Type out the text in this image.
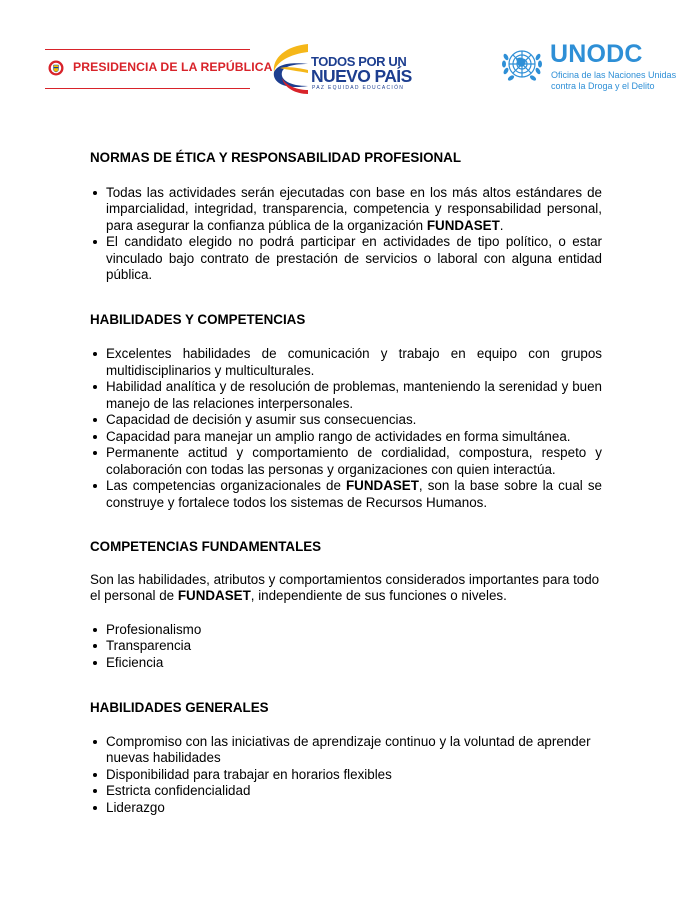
PRESIDENCIA DE LA REPÚBLICA	TODOS POR UN
NUEVO PAÍS
PAZ EQUIDAD EDUCACIÓN
UNODC
Oficina de las Naciones Unidas
contra la Droga y el Delito
NORMAS DE ÉTICA Y RESPONSABILIDAD PROFESIONAL
Todas las actividades serán ejecutadas con base en los más altos estándares de imparcialidad, integridad, transparencia, competencia y responsabilidad personal, para asegurar la confianza pública de la organización FUNDASET.
El candidato elegido no podrá participar en actividades de tipo político, o estar vinculado bajo contrato de prestación de servicios o laboral con alguna entidad pública.
HABILIDADES Y COMPETENCIAS
Excelentes habilidades de comunicación y trabajo en equipo con grupos multidisciplinarios y multiculturales.
Habilidad analítica y de resolución de problemas, manteniendo la serenidad y buen manejo de las relaciones interpersonales.
Capacidad de decisión y asumir sus consecuencias.
Capacidad para manejar un amplio rango de actividades en forma simultánea.
Permanente actitud y comportamiento de cordialidad, compostura, respeto y colaboración con todas las personas y organizaciones con quien interactúa.
Las competencias organizacionales de FUNDASET, son la base sobre la cual se construye y fortalece todos los sistemas de Recursos Humanos.
COMPETENCIAS FUNDAMENTALES

Son las habilidades, atributos y comportamientos considerados importantes para todo el personal de FUNDASET, independiente de sus funciones o niveles.

Profesionalismo
Transparencia
Eficiencia
HABILIDADES GENERALES
Compromiso con las iniciativas de aprendizaje continuo y la voluntad de aprender nuevas habilidades
Disponibilidad para trabajar en horarios flexibles
Estricta confidencialidad
Liderazgo
